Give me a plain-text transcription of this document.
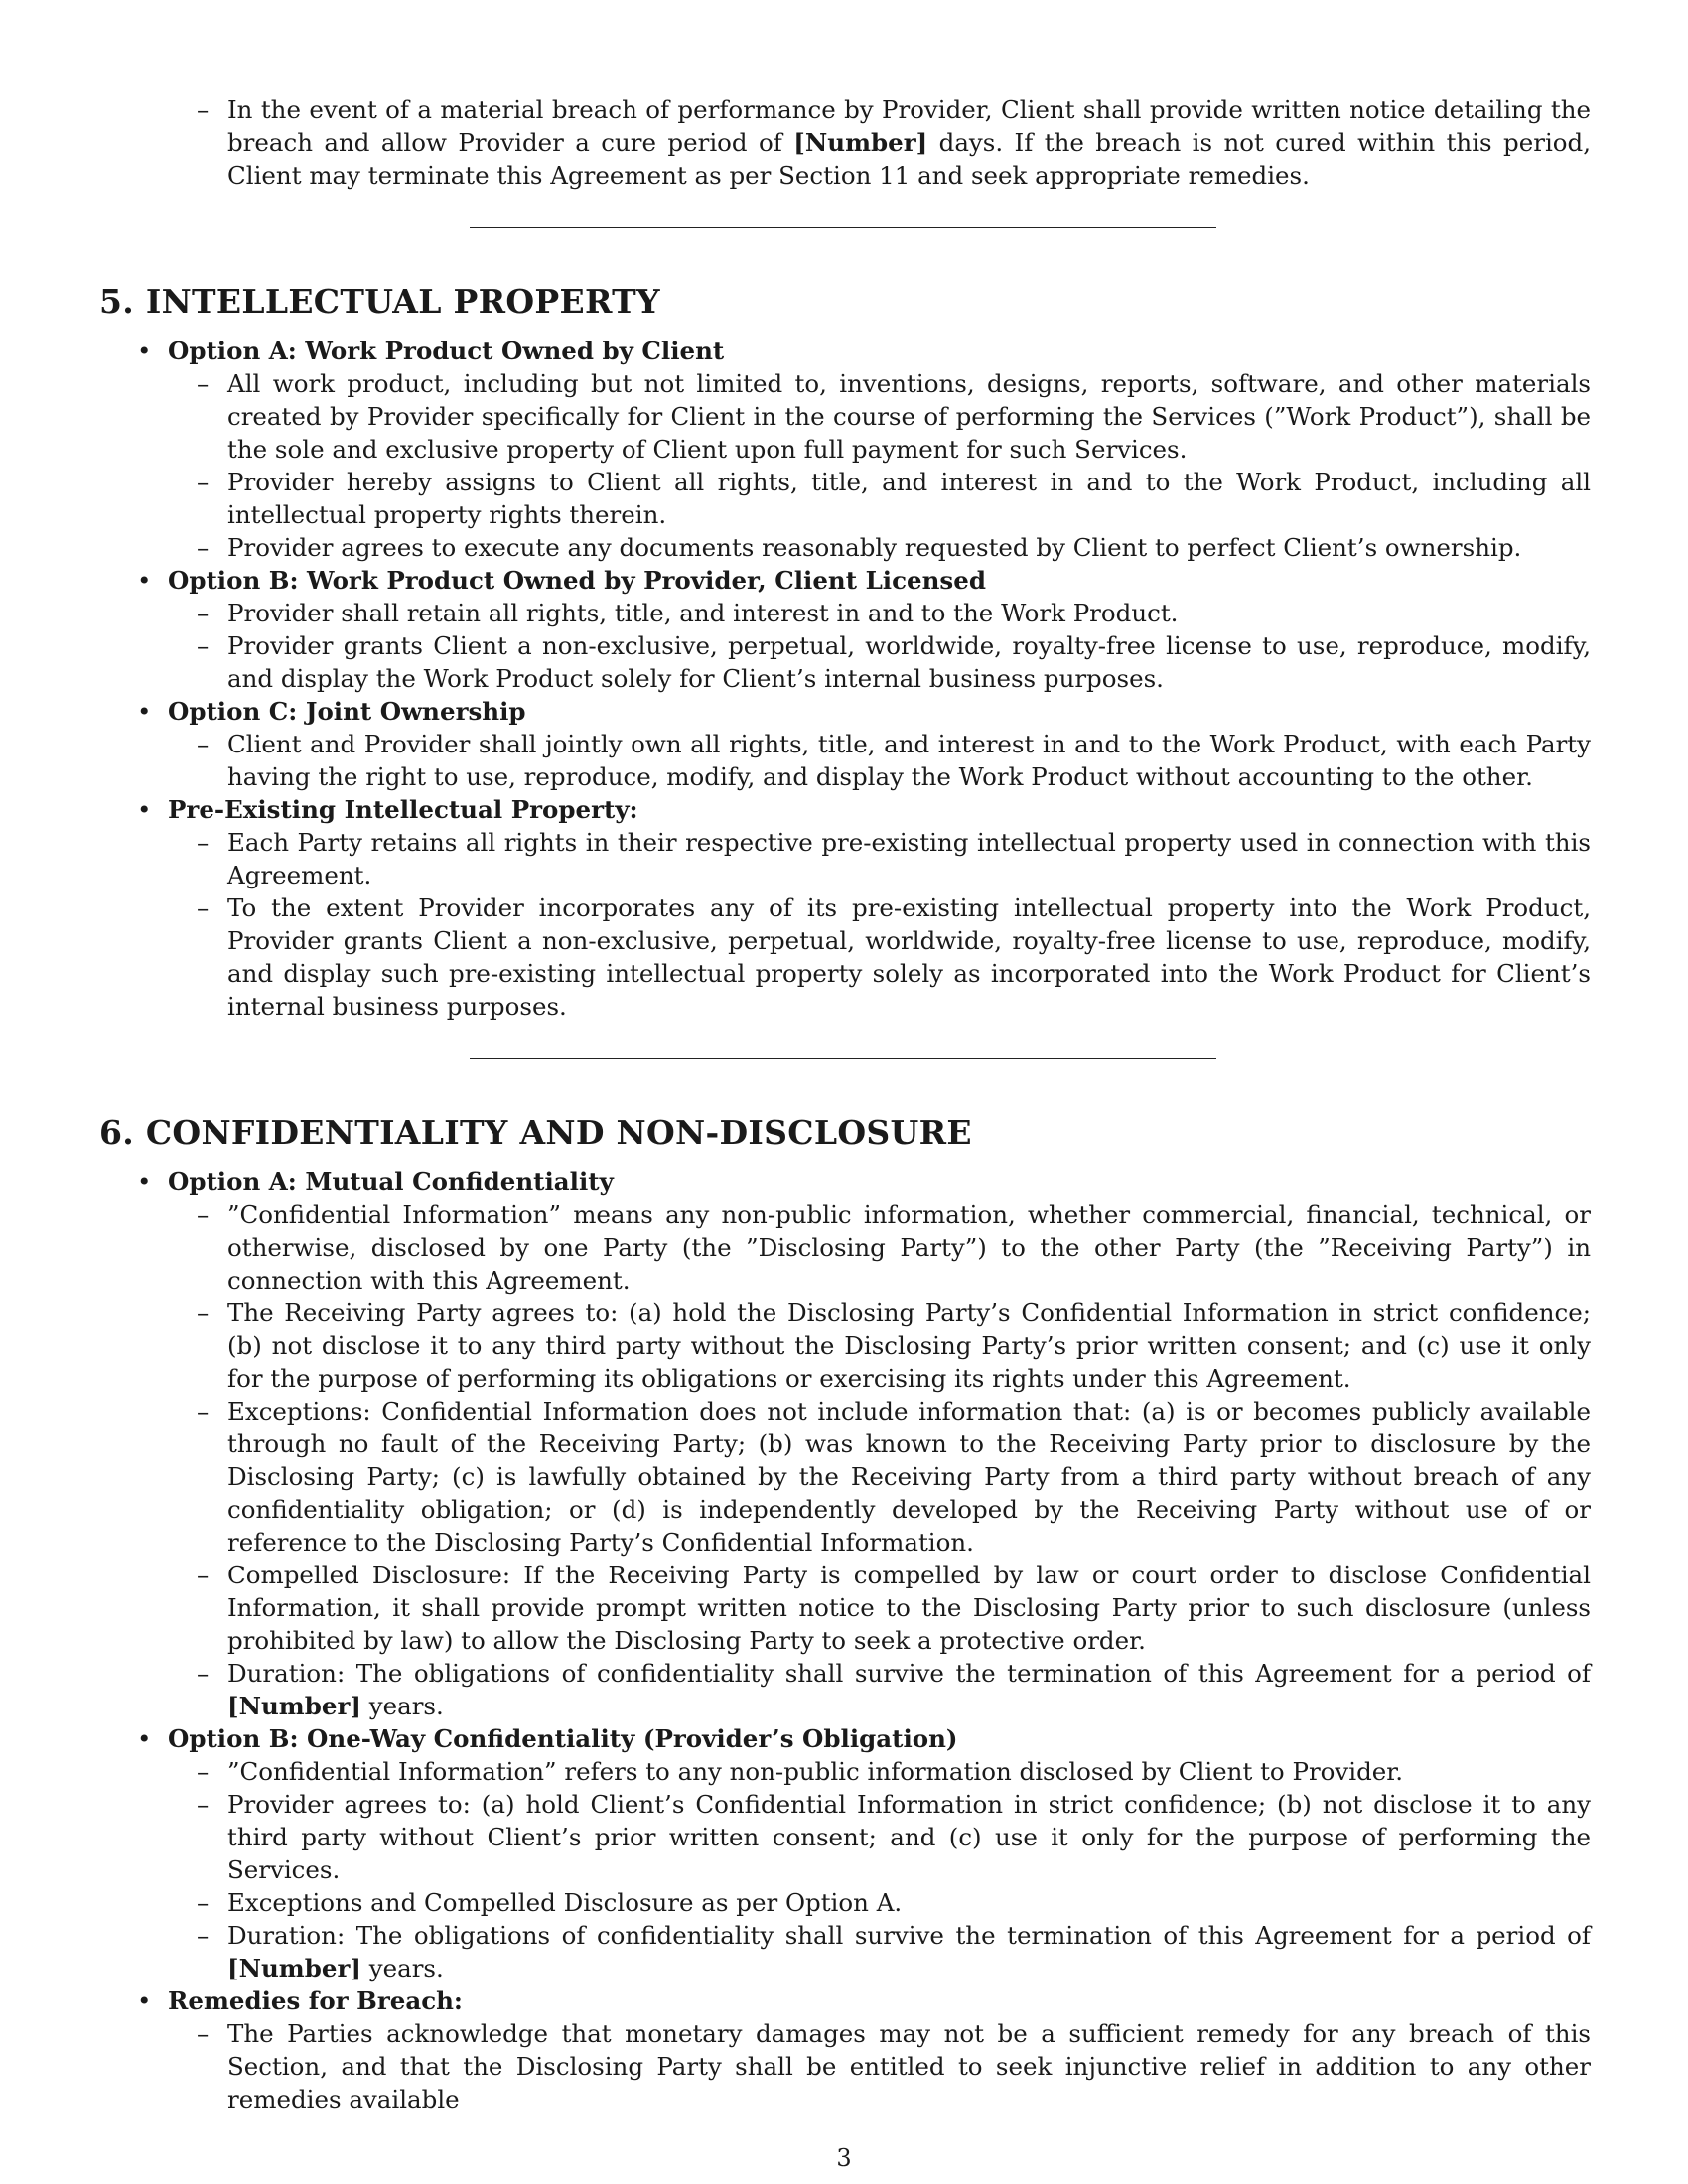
– In the event of a material breach of performance by Provider, Client shall provide written notice detailing the breach and allow Provider a cure period of [Number] days. If the breach is not cured within this period, Client may terminate this Agreement as per Section 11 and seek appropriate remedies.
5. INTELLECTUAL PROPERTY
• Option A: Work Product Owned by Client
– All work product, including but not limited to, inventions, designs, reports, software, and other materials created by Provider specifically for Client in the course of performing the Services (”Work Product”), shall be the sole and exclusive property of Client upon full payment for such Services.
– Provider hereby assigns to Client all rights, title, and interest in and to the Work Product, including all intellectual property rights therein.
– Provider agrees to execute any documents reasonably requested by Client to perfect Client’s ownership.
• Option B: Work Product Owned by Provider, Client Licensed
– Provider shall retain all rights, title, and interest in and to the Work Product.
– Provider grants Client a non-exclusive, perpetual, worldwide, royalty-free license to use, reproduce, modify, and display the Work Product solely for Client’s internal business purposes.
• Option C: Joint Ownership
– Client and Provider shall jointly own all rights, title, and interest in and to the Work Product, with each Party having the right to use, reproduce, modify, and display the Work Product without accounting to the other.
• Pre-Existing Intellectual Property:
– Each Party retains all rights in their respective pre-existing intellectual property used in connection with this Agreement.
– To the extent Provider incorporates any of its pre-existing intellectual property into the Work Product, Provider grants Client a non-exclusive, perpetual, worldwide, royalty-free license to use, reproduce, modify, and display such pre-existing intellectual property solely as incorporated into the Work Product for Client’s internal business purposes.
6. CONFIDENTIALITY AND NON-DISCLOSURE
• Option A: Mutual Confidentiality
– ”Confidential Information” means any non-public information, whether commercial, financial, technical, or otherwise, disclosed by one Party (the ”Disclosing Party”) to the other Party (the ”Receiving Party”) in connection with this Agreement.
– The Receiving Party agrees to: (a) hold the Disclosing Party’s Confidential Information in strict confidence; (b) not disclose it to any third party without the Disclosing Party’s prior written consent; and (c) use it only for the purpose of performing its obligations or exercising its rights under this Agreement.
– Exceptions: Confidential Information does not include information that: (a) is or becomes publicly available through no fault of the Receiving Party; (b) was known to the Receiving Party prior to disclosure by the Disclosing Party; (c) is lawfully obtained by the Receiving Party from a third party without breach of any confidentiality obligation; or (d) is independently developed by the Receiving Party without use of or reference to the Disclosing Party’s Confidential Information.
– Compelled Disclosure: If the Receiving Party is compelled by law or court order to disclose Confidential Information, it shall provide prompt written notice to the Disclosing Party prior to such disclosure (unless prohibited by law) to allow the Disclosing Party to seek a protective order.
– Duration: The obligations of confidentiality shall survive the termination of this Agreement for a period of [Number] years.
• Option B: One-Way Confidentiality (Provider’s Obligation)
– ”Confidential Information” refers to any non-public information disclosed by Client to Provider.
– Provider agrees to: (a) hold Client’s Confidential Information in strict confidence; (b) not disclose it to any third party without Client’s prior written consent; and (c) use it only for the purpose of performing the Services.
– Exceptions and Compelled Disclosure as per Option A.
– Duration: The obligations of confidentiality shall survive the termination of this Agreement for a period of [Number] years.
• Remedies for Breach:
– The Parties acknowledge that monetary damages may not be a sufficient remedy for any breach of this Section, and that the Disclosing Party shall be entitled to seek injunctive relief in addition to any other remedies available
3
